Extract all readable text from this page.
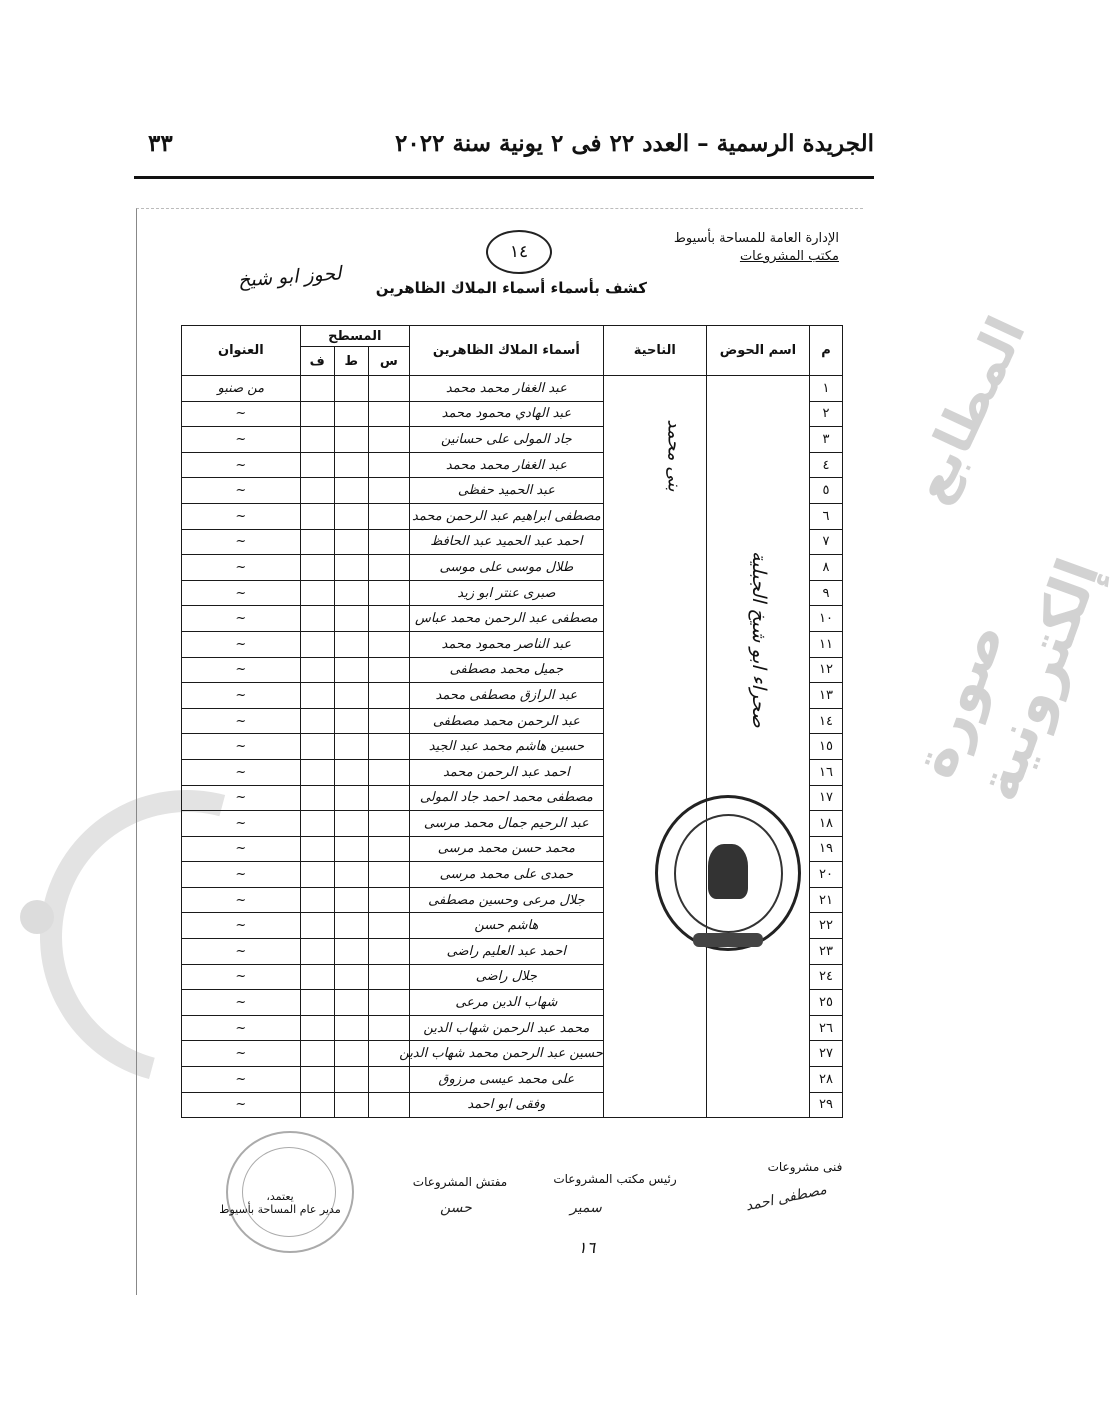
المطابع
صورة إلكترونية
الجريدة الرسمية – العدد ٢٢ فى ٢ يونية سنة ٢٠٢٢
٣٣
الإدارة العامة للمساحة بأسيوط
مكتب المشروعات
١٤
كشف بأسماء أسماء الملاك الظاهرين
لحوز ابو شيخ
م	اسم الحوض	الناحية	أسماء الملاك الظاهرين	المسطح			العنوان
				س	ط	ف	
١			عبد الغفار محمد محمد				من صنبو
٢			عبد الهادي محمود محمد				~
٣			جاد المولى على حسانين				~
٤			عبد الغفار محمد محمد				~
٥			عبد الحميد حفظى				~
٦			مصطفى ابراهيم عبد الرحمن محمد				~
٧			احمد عبد الحميد عبد الحافظ				~
٨			طلال موسى على موسى				~
٩			صبرى عنتر ابو زيد				~
١٠			مصطفى عبد الرحمن محمد عباس				~
١١			عبد الناصر محمود محمد				~
١٢			جميل محمد مصطفى				~
١٣			عبد الرازق مصطفى محمد				~
١٤			عبد الرحمن محمد مصطفى				~
١٥			حسين هاشم محمد عبد الجيد				~
١٦			احمد عبد الرحمن محمد				~
١٧			مصطفى محمد احمد جاد المولى				~
١٨			عبد الرحيم جمال محمد مرسى				~
١٩			محمد حسن محمد مرسى				~
٢٠			حمدى على محمد مرسى				~
٢١			جلال مرعى وحسين مصطفى				~
٢٢			هاشم حسن				~
٢٣			احمد عبد العليم راضى				~
٢٤			جلال راضى				~
٢٥			شهاب الدين مرعى				~
٢٦			محمد عبد الرحمن شهاب الدين				~
٢٧			حسين عبد الرحمن محمد شهاب الدين				~
٢٨			على محمد عيسى مرزوق				~
٢٩			وفقى ابو احمد				~
صحراء ابو شيخ الجبلية
بنى محمد
فنى مشروعات
رئيس مكتب المشروعات
مفتش المشروعات
يعتمد،
مدير عام المساحة بأسيوط	مصطفى احمد
سمير
حسن
١٦
